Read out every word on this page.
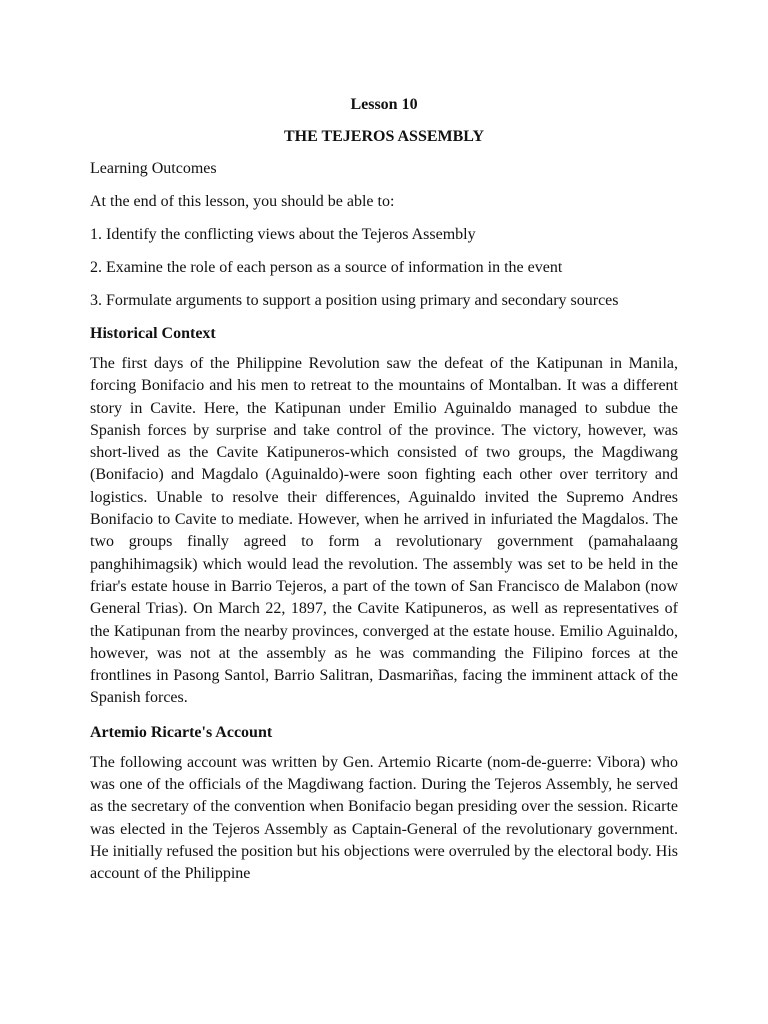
Lesson 10

THE TEJEROS ASSEMBLY

Learning Outcomes

At the end of this lesson, you should be able to:

1. Identify the conflicting views about the Tejeros Assembly

2. Examine the role of each person as a source of information in the event

3. Formulate arguments to support a position using primary and secondary sources

Historical Context

The first days of the Philippine Revolution saw the defeat of the Katipunan in Manila, forcing Bonifacio and his men to retreat to the mountains of Montalban. It was a different story in Cavite. Here, the Katipunan under Emilio Aguinaldo managed to subdue the Spanish forces by surprise and take control of the province. The victory, however, was short-lived as the Cavite Katipuneros-which consisted of two groups, the Magdiwang (Bonifacio) and Magdalo (Aguinaldo)-were soon fighting each other over territory and logistics. Unable to resolve their differences, Aguinaldo invited the Supremo Andres Bonifacio to Cavite to mediate. However, when he arrived in infuriated the Magdalos. The two groups finally agreed to form a revolutionary government (pamahalaang panghihimagsik) which would lead the revolution. The assembly was set to be held in the friar's estate house in Barrio Tejeros, a part of the town of San Francisco de Malabon (now General Trias). On March 22, 1897, the Cavite Katipuneros, as well as representatives of the Katipunan from the nearby provinces, converged at the estate house. Emilio Aguinaldo, however, was not at the assembly as he was commanding the Filipino forces at the frontlines in Pasong Santol, Barrio Salitran, Dasmariñas, facing the imminent attack of the Spanish forces.

Artemio Ricarte's Account

The following account was written by Gen. Artemio Ricarte (nom-de-guerre: Vibora) who was one of the officials of the Magdiwang faction. During the Tejeros Assembly, he served as the secretary of the convention when Bonifacio began presiding over the session. Ricarte was elected in the Tejeros Assembly as Captain-General of the revolutionary government. He initially refused the position but his objections were overruled by the electoral body. His account of the Philippine
